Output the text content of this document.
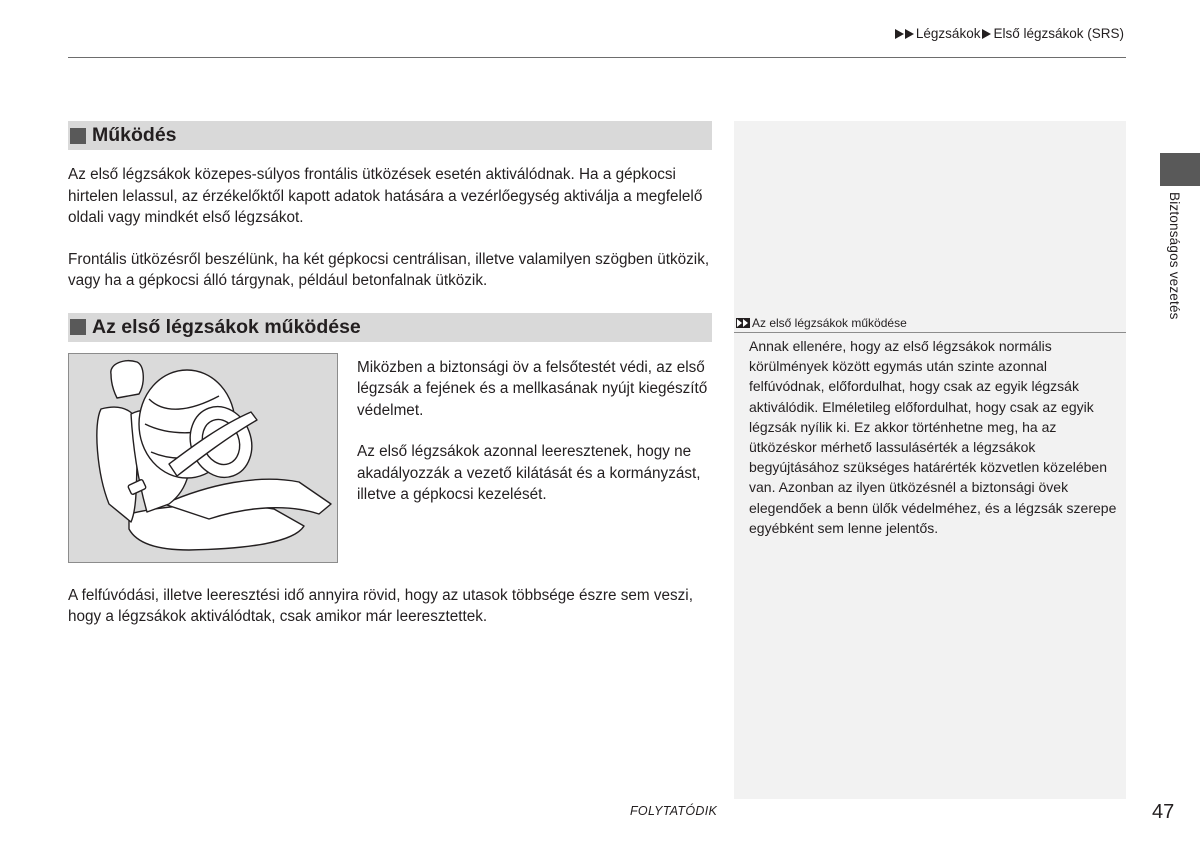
Légzsákok Első légzsákok (SRS)
Biztonságos vezetés
Működés

Az első légzsákok közepes-súlyos frontális ütközések esetén aktiválódnak. Ha a gépkocsi hirtelen lelassul, az érzékelőktől kapott adatok hatására a vezérlőegység aktiválja a megfelelő oldali vagy mindkét első légzsákot.

Frontális ütközésről beszélünk, ha két gépkocsi centrálisan, illetve valamilyen szögben ütközik, vagy ha a gépkocsi álló tárgynak, például betonfalnak ütközik.

Az első légzsákok működése

Miközben a biztonsági öv a felsőtestét védi, az első légzsák a fejének és a mellkasának nyújt kiegészítő védelmet.

Az első légzsákok azonnal leeresztenek, hogy ne akadályozzák a vezető kilátását és a kormányzást, illetve a gépkocsi kezelését.

A felfúvódási, illetve leeresztési idő annyira rövid, hogy az utasok többsége észre sem veszi, hogy a légzsákok aktiválódtak, csak amikor már leeresztettek.

Az első légzsákok működése

Annak ellenére, hogy az első légzsákok normális körülmények között egymás után szinte azonnal felfúvódnak, előfordulhat, hogy csak az egyik légzsák aktiválódik. Elméletileg előfordulhat, hogy csak az egyik légzsák nyílik ki. Ez akkor történhetne meg, ha az ütközéskor mérhető lassulásérték a légzsákok begyújtásához szükséges határérték közvetlen közelében van. Azonban az ilyen ütközésnél a biztonsági övek elegendőek a benn ülők védelméhez, és a légzsák szerepe egyébként sem lenne jelentős.

FOLYTATÓDIK	47
